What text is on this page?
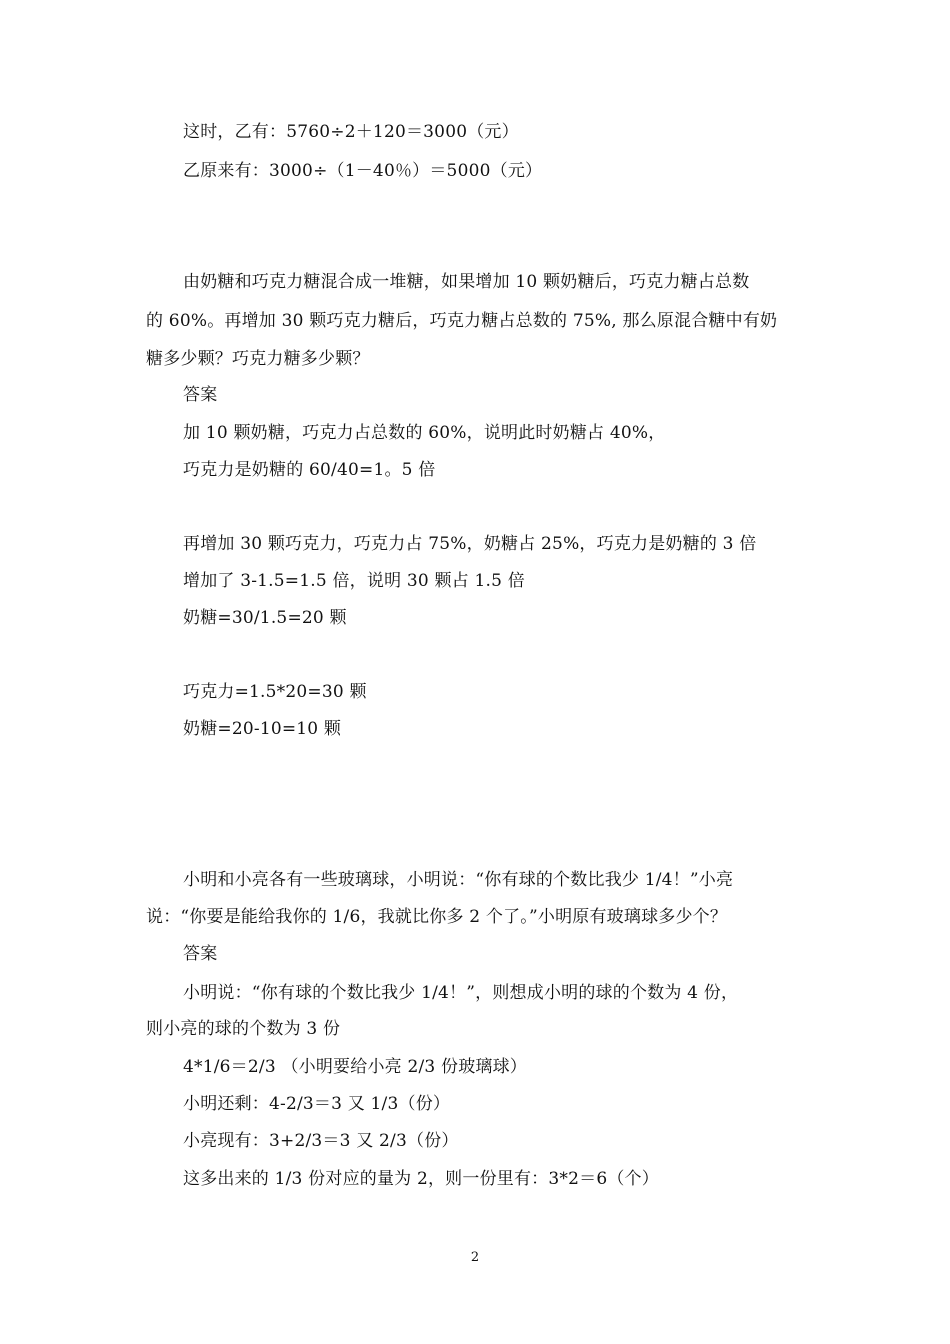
这时，乙有：5760÷2＋120＝3000（元）
乙原来有：3000÷（1－40％）＝5000（元）
由奶糖和巧克力糖混合成一堆糖，如果增加 10 颗奶糖后，巧克力糖占总数
的 60%。再增加 30 颗巧克力糖后，巧克力糖占总数的 75%, 那么原混合糖中有奶
糖多少颗？巧克力糖多少颗？
答案
加 10 颗奶糖，巧克力占总数的 60%，说明此时奶糖占 40%，
巧克力是奶糖的 60/40=1。5 倍
再增加 30 颗巧克力，巧克力占 75%，奶糖占 25%，巧克力是奶糖的 3 倍
增加了 3-1.5=1.5 倍，说明 30 颗占 1.5 倍
奶糖=30/1.5=20 颗
巧克力=1.5*20=30 颗
奶糖=20-10=10 颗
小明和小亮各有一些玻璃球，小明说：“你有球的个数比我少 1/4！”小亮
说：“你要是能给我你的 1/6，我就比你多 2 个了。”小明原有玻璃球多少个？
答案
小明说：“你有球的个数比我少 1/4！”，则想成小明的球的个数为 4 份，
则小亮的球的个数为 3 份
4*1/6＝2/3 （小明要给小亮 2/3 份玻璃球）
小明还剩：4-2/3＝3 又 1/3（份）
小亮现有：3+2/3＝3 又 2/3（份）
这多出来的 1/3 份对应的量为 2，则一份里有：3*2＝6（个）
2
